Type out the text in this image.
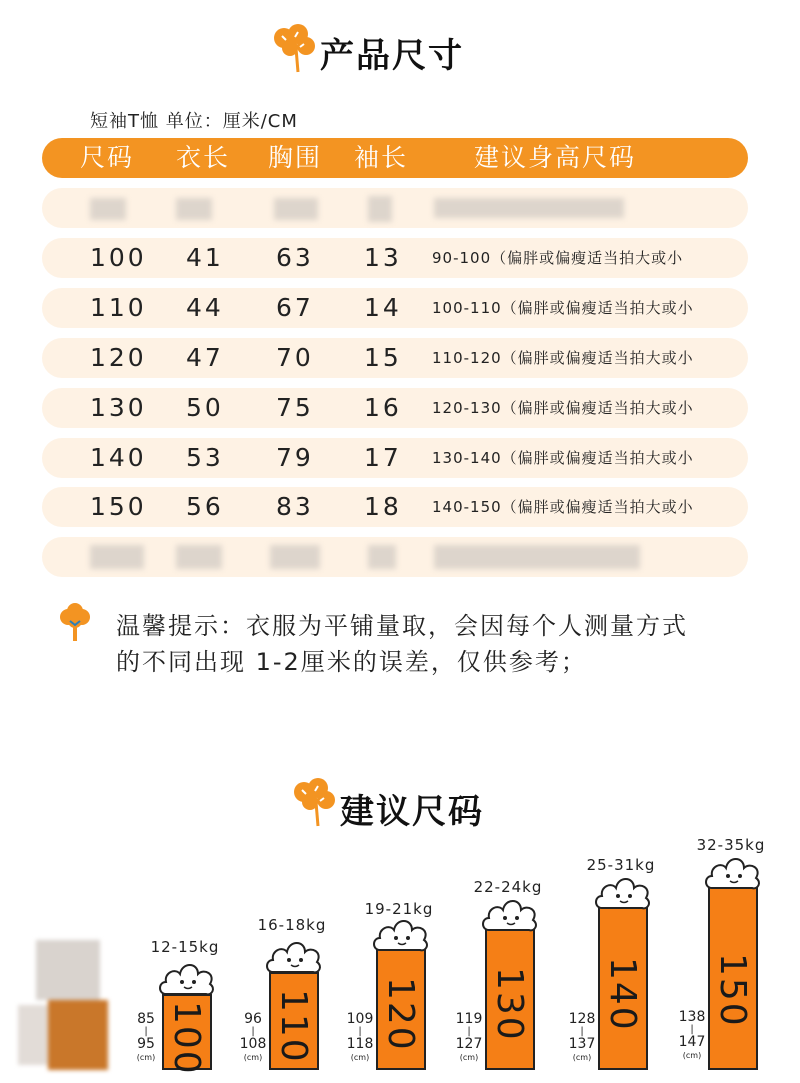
产品尺寸
短袖T恤 单位：厘米/CM
尺码 衣长 胸围 袖长	建议身高尺码
100 41 63 13 90-100（偏胖或偏瘦适当拍大或小
110 44 67 14 100-110（偏胖或偏瘦适当拍大或小
120 47 70 15 110-120（偏胖或偏瘦适当拍大或小
130 50 75 16 120-130（偏胖或偏瘦适当拍大或小
140 53 79 17 130-140（偏胖或偏瘦适当拍大或小
150 56 83 18 140-150（偏胖或偏瘦适当拍大或小
温馨提示：衣服为平铺量取，会因每个人测量方式的不同出现 1-2厘米的误差，仅供参考；
建议尺码
12-15kg
100
85
|
95
(cm)
16-18kg
110
96
|
108
(cm)
19-21kg
120
109
|
118
(cm)
22-24kg
130
119
|
127
(cm)
25-31kg
140
128
|
137
(cm)
32-35kg
150
138
|
147
(cm)
